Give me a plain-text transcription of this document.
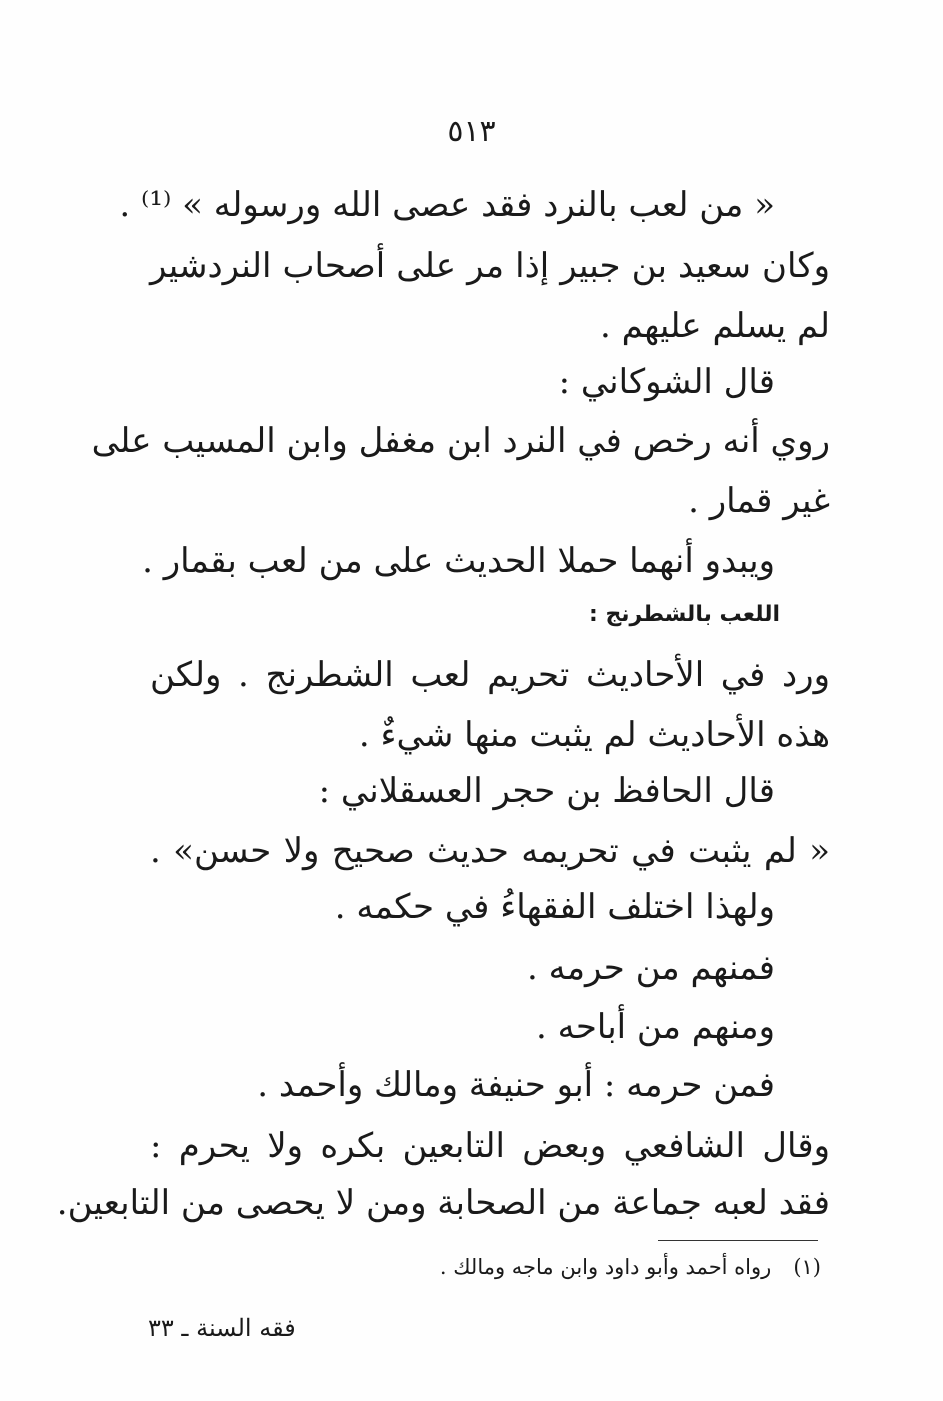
٥١٣
« من لعب بالنرد فقد عصى الله ورسوله » ⁽¹⁾ .
وكان سعيد بن جبير إذا مر على أصحاب النردشير
لم يسلم عليهم .
قال الشوكاني :
روي أنه رخص في النرد ابن مغفل وابن المسيب على
غير قمار .
ويبدو أنهما حملا الحديث على من لعب بقمار .
اللعب بالشطرنج :
ورد في الأحاديث تحريم لعب الشطرنج . ولكن
هذه الأحاديث لم يثبت منها شيءٌ .
قال الحافظ بن حجر العسقلاني :
« لم يثبت في تحريمه حديث صحيح ولا حسن» .
ولهذا اختلف الفقهاءُ في حكمه .
فمنهم من حرمه .
ومنهم من أباحه .
فمن حرمه : أبو حنيفة ومالك وأحمد .
وقال الشافعي وبعض التابعين بكره ولا يحرم :
فقد لعبه جماعة من الصحابة ومن لا يحصى من التابعين.
(١)رواه أحمد وأبو داود وابن ماجه ومالك .
فقه السنة ـ ٣٣
